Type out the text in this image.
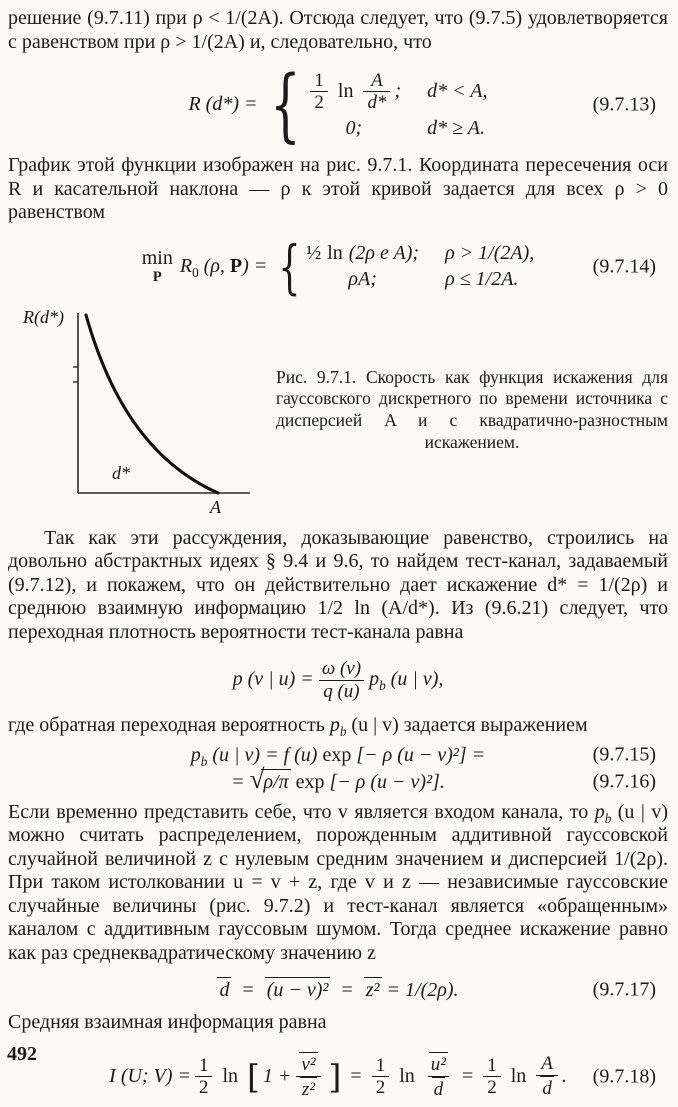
решение (9.7.11) при ρ < 1/(2A). Отсюда следует, что (9.7.5) удовлетворяется с равенством при ρ > 1/(2A) и, следовательно, что

R (d*) = { $\frac{1}{2}$ $\ln \frac{A}{d*}$ ; d* < A,
0;	d* ≥ A.
(9.7.13)

График этой функции изображен на рис. 9.7.1. Координата пересечения оси R и касательной наклона — ρ к этой кривой задается для всех ρ > 0 равенством

min
P
$R_0$ (ρ, P) = { ½ ln (2ρ e A); ρ > 1/(2A),
ρA;	ρ ≤ 1/2A.
(9.7.14)
R(d*)
d*
A
Рис. 9.7.1. Скорость как функция искажения для гауссовского дискретного по времени источника с дисперсией A и с квадратично-разностным искажением.

Так как эти рассуждения, доказывающие равенство, строились на довольно абстрактных идеях § 9.4 и 9.6, то найдем тест-канал, задаваемый (9.7.12), и покажем, что он действительно дает искажение d* = 1/(2ρ) и среднюю взаимную информацию 1/2 ln (A/d*). Из (9.6.21) следует, что переходная плотность вероятности тест-канала равна

p (v | $u) = \frac{\omega (v)}{q (u)} p_b$ (u | v),

где обратная переходная вероятность $p_b$ (u | v) задается выражением

$p_b$ (u | v) = f (u) exp [− ρ (u − v)²] =	(9.7.15)
= √ρ/π exp [− ρ (u − v)²].	(9.7.16)

Если временно представить себе, что v является входом канала, то $p_b$ (u | v) можно считать распределением, порожденным аддитивной гауссовской случайной величиной z с нулевым средним значением и дисперсией 1/(2ρ). При таком истолковании u = v + z, где v и z — независимые гауссовские случайные величины (рис. 9.7.2) и тест-канал является «обращенным» каналом с аддитивным гауссовым шумом. Тогда среднее искажение равно как раз среднеквадратическому значению z

d = (u − v)² = z² = 1/(2ρ).	(9.7.17)

Средняя взаимная информация равна

I (U; $V) = \frac{1}{2}$ ln [ $1 + \frac{\text{v²}}{\text{z²}}$ ] = $\frac{1}{2}$ $\ln \frac{\text{u²}}{d} = \frac{1}{2}$ $\ln \frac{A}{d}$ . (9.7.18)
492
